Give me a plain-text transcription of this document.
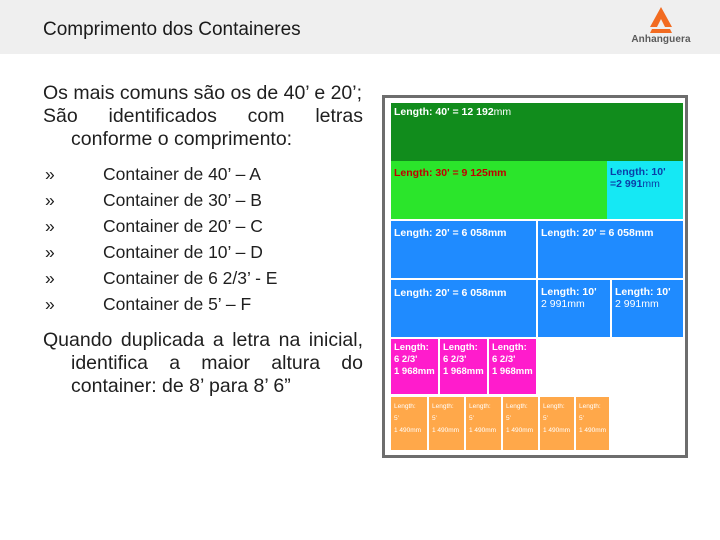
Comprimento dos Containeres	Anhanguera
Os mais comuns são os de 40’ e 20’;
São identificados com letras conforme o comprimento:
»	Container de 40’ – A
»	Container de 30’ – B
»	Container de 20’ – C
»	Container de 10’ – D
»	Container de 6 2/3’ - E
»	Container de 5’ – F
Quando duplicada a letra na inicial, identifica a maior altura do container: de 8’ para 8’ 6”
Length: 40' = 12 192mm
Length: 30' = 9 125mm	Length: 10'
=2 991mm
Length: 20' = 6 058mm	Length: 20' = 6 058mm
Length: 20' = 6 058mm	Length: 10'
2 991mm
Length: 10'
2 991mm
Length:
6 2/3'
1 968mm
Length:
6 2/3'
1 968mm
Length:
6 2/3'
1 968mm
Length:
5'
1 490mm
Length:
5'
1 490mm
Length:
5'
1 490mm
Length:
5'
1 490mm
Length:
5'
1 490mm
Length:
5'
1 490mm
